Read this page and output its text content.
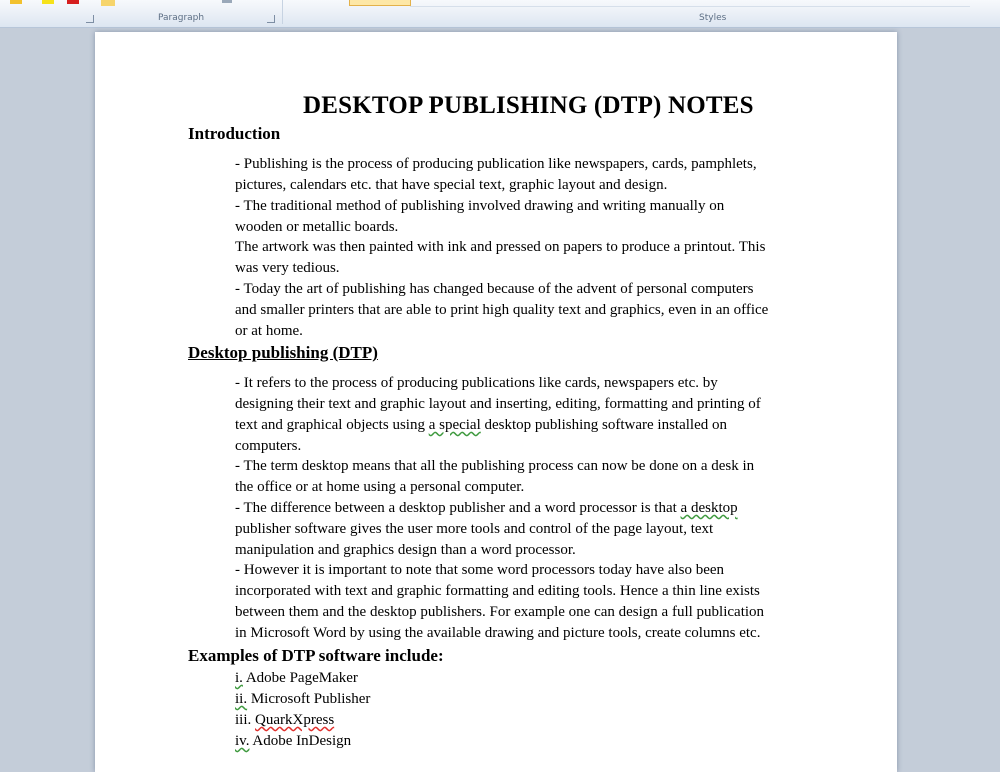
Paragraph	Styles
DESKTOP PUBLISHING (DTP) NOTES
Introduction
- Publishing is the process of producing publication like newspapers, cards, pamphlets,
pictures, calendars etc. that have special text, graphic layout and design.
- The traditional method of publishing involved drawing and writing manually on
wooden or metallic boards.
The artwork was then painted with ink and pressed on papers to produce a printout. This
was very tedious.
- Today the art of publishing has changed because of the advent of personal computers
and smaller printers that are able to print high quality text and graphics, even in an office
or at home.
Desktop publishing (DTP)
- It refers to the process of producing publications like cards, newspapers etc. by
designing their text and graphic layout and inserting, editing, formatting and printing of
text and graphical objects using a special desktop publishing software installed on
computers.
- The term desktop means that all the publishing process can now be done on a desk in
the office or at home using a personal computer.
- The difference between a desktop publisher and a word processor is that a desktop
publisher software gives the user more tools and control of the page layout, text
manipulation and graphics design than a word processor.
- However it is important to note that some word processors today have also been
incorporated with text and graphic formatting and editing tools. Hence a thin line exists
between them and the desktop publishers. For example one can design a full publication
in Microsoft Word by using the available drawing and picture tools, create columns etc.
Examples of DTP software include:
i. Adobe PageMaker
ii. Microsoft Publisher
iii. QuarkXpress
iv. Adobe InDesign
